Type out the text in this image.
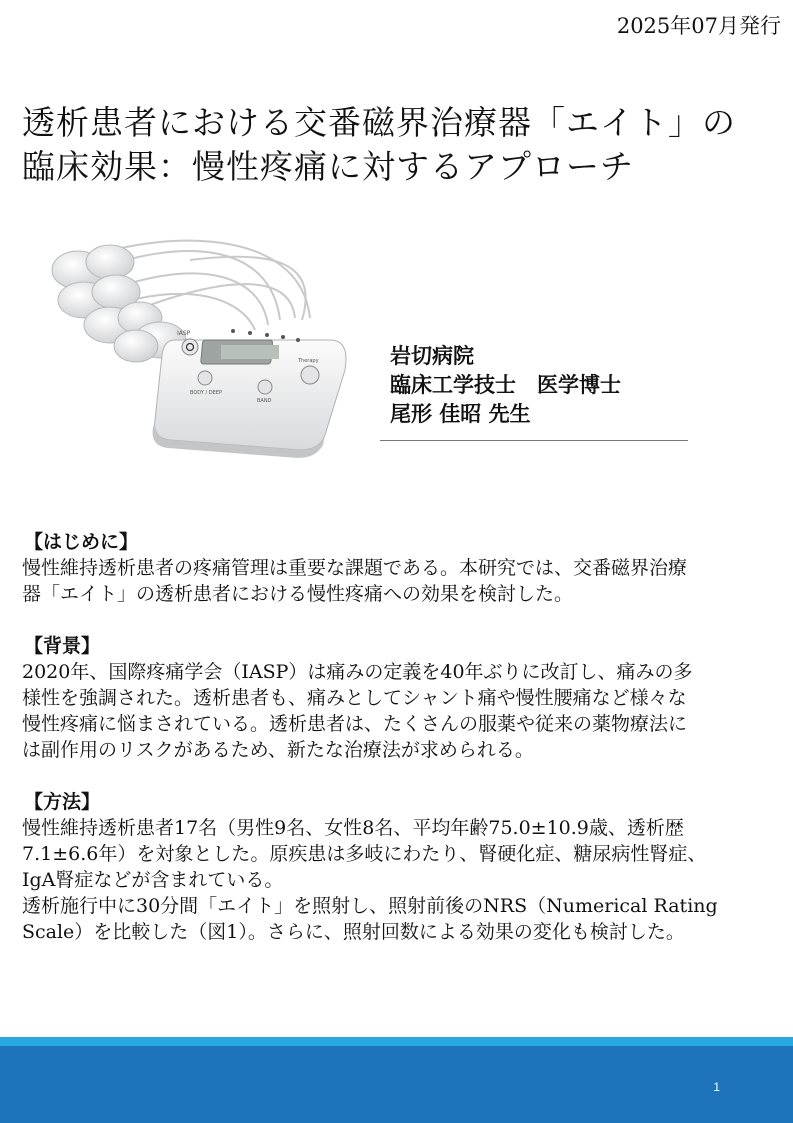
2025年07月発行
透析患者における交番磁界治療器「エイト」の
臨床効果：慢性疼痛に対するアプローチ
IASP
BODY / DEEP
BAND
Therapy	岩切病院
臨床工学技士　医学博士
尾形 佳昭 先生
【はじめに】

慢性維持透析患者の疼痛管理は重要な課題である。本研究では、交番磁界治療
器「エイト」の透析患者における慢性疼痛への効果を検討した。

【背景】

2020年、国際疼痛学会（IASP）は痛みの定義を40年ぶりに改訂し、痛みの多
様性を強調された。透析患者も、痛みとしてシャント痛や慢性腰痛など様々な
慢性疼痛に悩まされている。透析患者は、たくさんの服薬や従来の薬物療法に
は副作用のリスクがあるため、新たな治療法が求められる。

【方法】

慢性維持透析患者17名（男性9名、女性8名、平均年齢75.0±10.9歳、透析歴
7.1±6.6年）を対象とした。原疾患は多岐にわたり、腎硬化症、糖尿病性腎症、
IgA腎症などが含まれている。
透析施行中に30分間「エイト」を照射し、照射前後のNRS（Numerical Rating
Scale）を比較した（図1）。さらに、照射回数による効果の変化も検討した。

1
